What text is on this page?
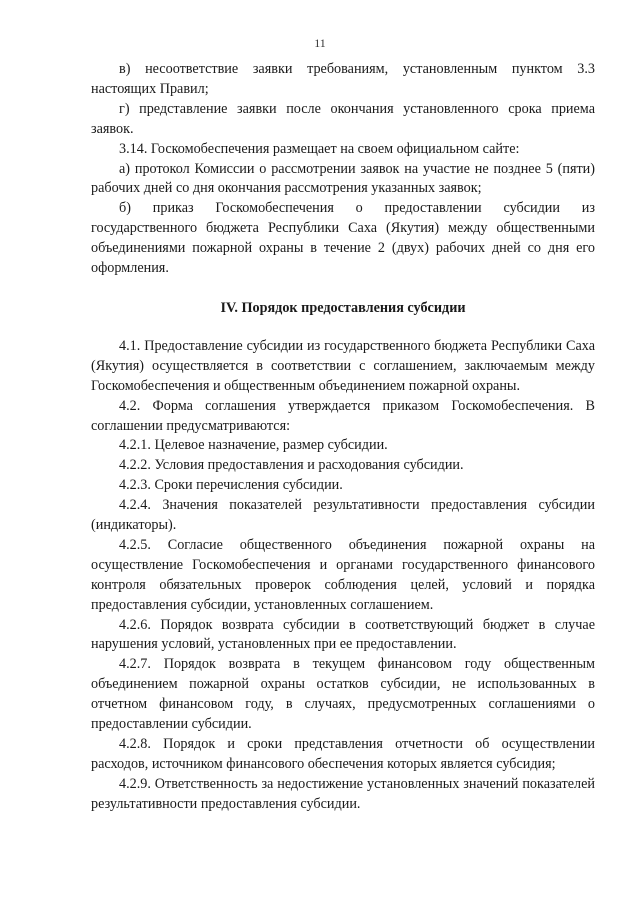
11

в) несоответствие заявки требованиям, установленным пунктом 3.3 настоящих Правил;

г) представление заявки после окончания установленного срока приема заявок.

3.14. Госкомобеспечения размещает на своем официальном сайте:

а) протокол Комиссии о рассмотрении заявок на участие не позднее 5 (пяти) рабочих дней со дня окончания рассмотрения указанных заявок;

б) приказ Госкомобеспечения о предоставлении субсидии из государственного бюджета Республики Саха (Якутия) между общественными объединениями пожарной охраны в течение 2 (двух) рабочих дней со дня его оформления.

IV. Порядок предоставления субсидии

4.1. Предоставление субсидии из государственного бюджета Республики Саха (Якутия) осуществляется в соответствии с соглашением, заключаемым между Госкомобеспечения и общественным объединением пожарной охраны.

4.2. Форма соглашения утверждается приказом Госкомобеспечения. В соглашении предусматриваются:

4.2.1. Целевое назначение, размер субсидии.

4.2.2. Условия предоставления и расходования субсидии.

4.2.3. Сроки перечисления субсидии.

4.2.4. Значения показателей результативности предоставления субсидии (индикаторы).

4.2.5. Согласие общественного объединения пожарной охраны на осуществление Госкомобеспечения и органами государственного финансового контроля обязательных проверок соблюдения целей, условий и порядка предоставления субсидии, установленных соглашением.

4.2.6. Порядок возврата субсидии в соответствующий бюджет в случае нарушения условий, установленных при ее предоставлении.

4.2.7. Порядок возврата в текущем финансовом году общественным объединением пожарной охраны остатков субсидии, не использованных в отчетном финансовом году, в случаях, предусмотренных соглашениями о предоставлении субсидии.

4.2.8. Порядок и сроки представления отчетности об осуществлении расходов, источником финансового обеспечения которых является субсидия;

4.2.9. Ответственность за недостижение установленных значений показателей результативности предоставления субсидии.
